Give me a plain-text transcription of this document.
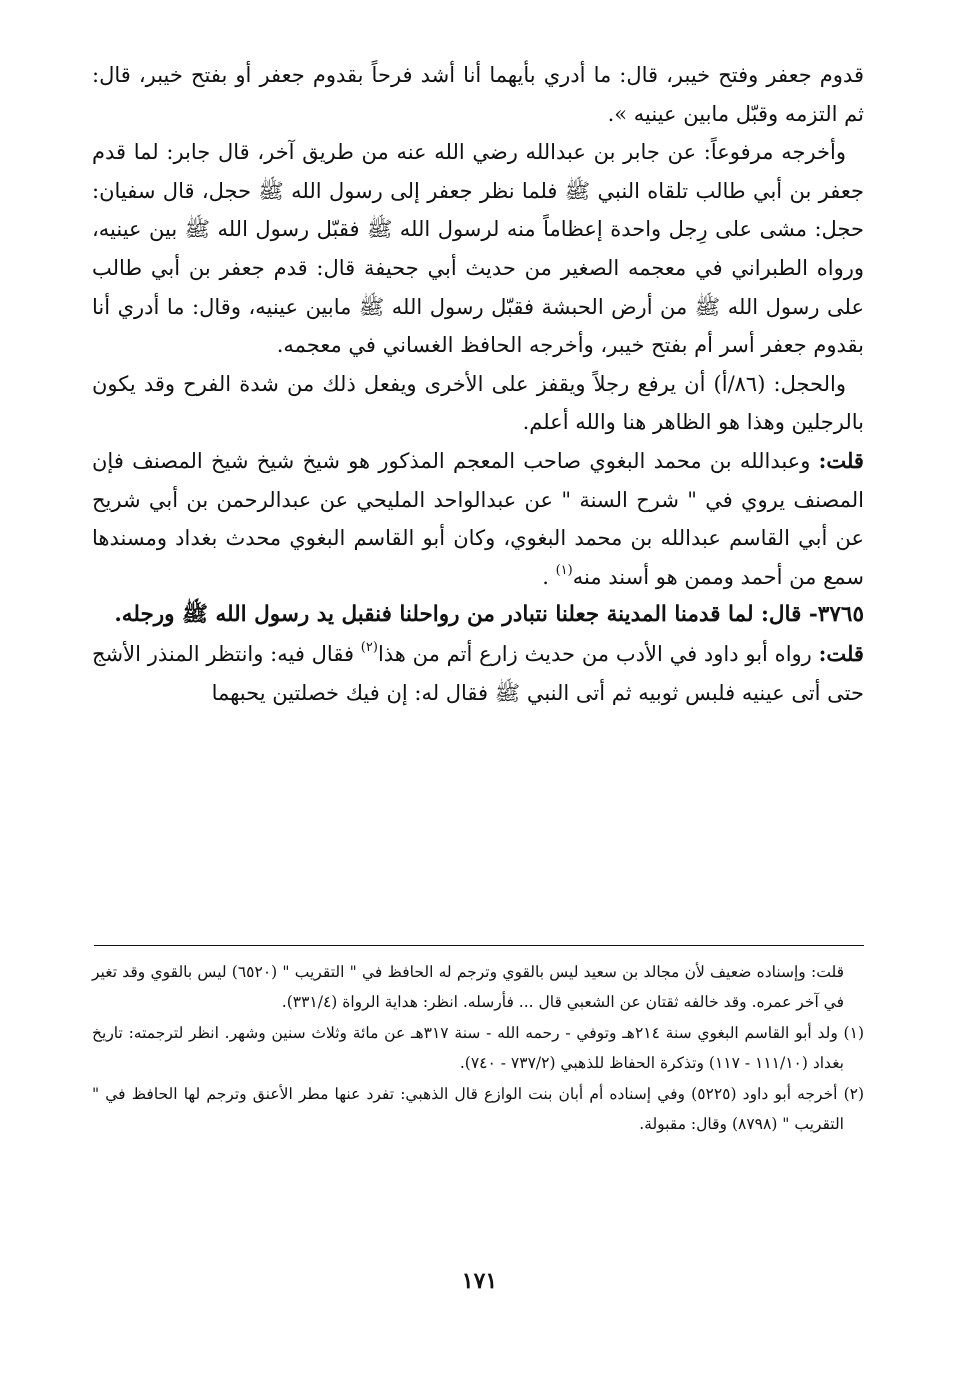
قدوم جعفر وفتح خيبر، قال: ما أدري بأيهما أنا أشد فرحاً بقدوم جعفر أو بفتح خيبر، قال: ثم التزمه وقبّل مابين عينيه ».

وأخرجه مرفوعاً: عن جابر بن عبدالله رضي الله عنه من طريق آخر، قال جابر: لما قدم جعفر بن أبي طالب تلقاه النبي ﷺ فلما نظر جعفر إلى رسول الله ﷺ حجل، قال سفيان: حجل: مشى على رِجل واحدة إعظاماً منه لرسول الله ﷺ فقبّل رسول الله ﷺ بين عينيه، ورواه الطبراني في معجمه الصغير من حديث أبي جحيفة قال: قدم جعفر بن أبي طالب على رسول الله ﷺ من أرض الحبشة فقبّل رسول الله ﷺ مابين عينيه، وقال: ما أدري أنا بقدوم جعفر أسر أم بفتح خيبر، وأخرجه الحافظ الغساني في معجمه.

والحجل: (٨٦/أ) أن يرفع رجلاً ويقفز على الأخرى ويفعل ذلك من شدة الفرح وقد يكون بالرجلين وهذا هو الظاهر هنا والله أعلم.

قلت: وعبدالله بن محمد البغوي صاحب المعجم المذكور هو شيخ شيخ شيخ المصنف فإن المصنف يروي في " شرح السنة " عن عبدالواحد المليحي عن عبدالرحمن بن أبي شريح عن أبي القاسم عبدالله بن محمد البغوي، وكان أبو القاسم البغوي محدث بغداد ومسندها سمع من أحمد وممن هو أسند منه$^{(١)}$ .

٣٧٦٥- قال: لما قدمنا المدينة جعلنا نتبادر من رواحلنا فنقبل يد رسول الله ﷺ ورجله.

قلت: رواه أبو داود في الأدب من حديث زارع أتم من هذا$^{(٢)}$ فقال فيه: وانتظر المنذر الأشج حتى أتى عينيه فلبس ثوبيه ثم أتى النبي ﷺ فقال له: إن فيك خصلتين يحبهما

قلت: وإسناده ضعيف لأن مجالد بن سعيد ليس بالقوي وترجم له الحافظ في " التقريب " (٦٥٢٠) ليس بالقوي وقد تغير في آخر عمره. وقد خالفه ثقتان عن الشعبي قال ... فأرسله. انظر: هداية الرواة (٣٣١/٤).

(١) ولد أبو القاسم البغوي سنة ٢١٤هـ وتوفي - رحمه الله - سنة ٣١٧هـ عن مائة وثلاث سنين وشهر. انظر لترجمته: تاريخ بغداد (١١١/١٠ - ١١٧) وتذكرة الحفاظ للذهبي (٧٣٧/٢ - ٧٤٠).

(٢) أخرجه أبو داود (٥٢٢٥) وفي إسناده أم أبان بنت الوازع قال الذهبي: تفرد عنها مطر الأعنق وترجم لها الحافظ في " التقريب " (٨٧٩٨) وقال: مقبولة.

١٧١
